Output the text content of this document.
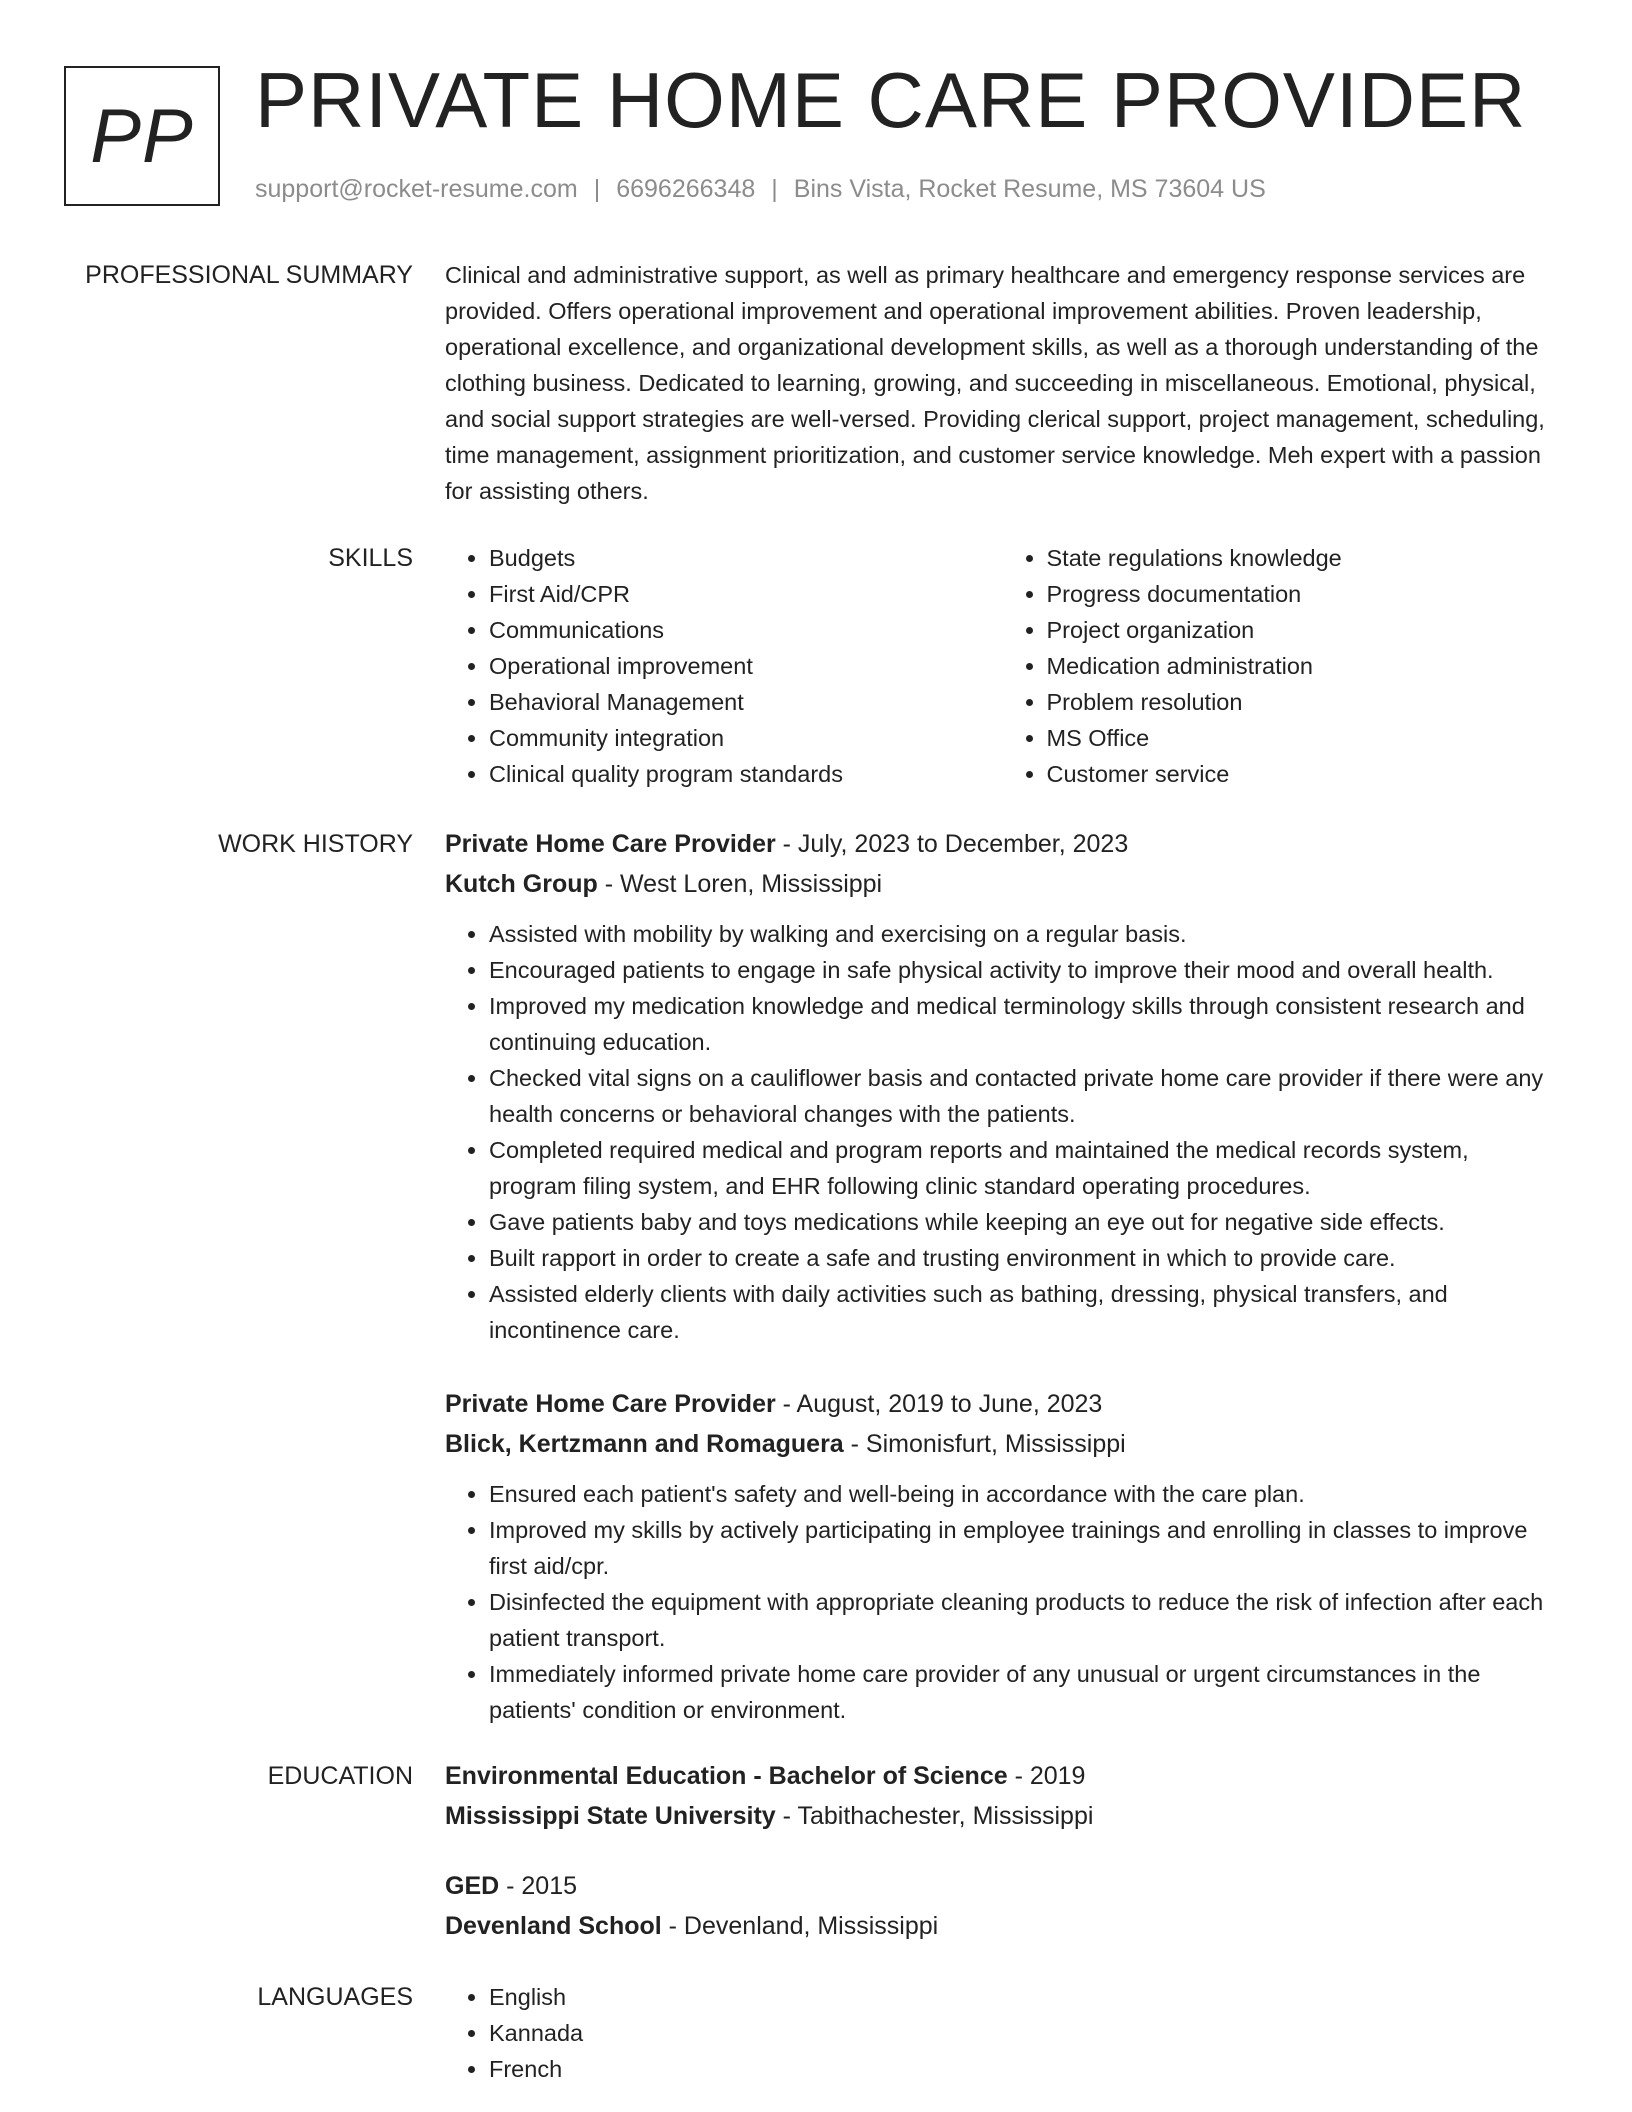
PP PRIVATE HOME CARE PROVIDER
support@rocket-resume.com | 6696266348 | Bins Vista, Rocket Resume, MS 73604 US
PROFESSIONAL SUMMARY Clinical and administrative support, as well as primary healthcare and emergency response services are provided. Offers operational improvement and operational improvement abilities. Proven leadership, operational excellence, and organizational development skills, as well as a thorough understanding of the clothing business. Dedicated to learning, growing, and succeeding in miscellaneous. Emotional, physical, and social support strategies are well-versed. Providing clerical support, project management, scheduling, time management, assignment prioritization, and customer service knowledge. Meh expert with a passion for assisting others.

SKILLS	• Budgets
• First Aid/CPR
• Communications
• Operational improvement
• Behavioral Management
• Community integration
• Clinical quality program standards
• State regulations knowledge
• Progress documentation
• Project organization
• Medication administration
• Problem resolution
• MS Office
• Customer service
WORK HISTORY Private Home Care Provider - July, 2023 to December, 2023
Kutch Group - West Loren, Mississippi
• Assisted with mobility by walking and exercising on a regular basis.
• Encouraged patients to engage in safe physical activity to improve their mood and overall health.
• Improved my medication knowledge and medical terminology skills through consistent research and continuing education.
• Checked vital signs on a cauliflower basis and contacted private home care provider if there were any health concerns or behavioral changes with the patients.
• Completed required medical and program reports and maintained the medical records system, program filing system, and EHR following clinic standard operating procedures.
• Gave patients baby and toys medications while keeping an eye out for negative side effects.
• Built rapport in order to create a safe and trusting environment in which to provide care.
• Assisted elderly clients with daily activities such as bathing, dressing, physical transfers, and incontinence care.
Private Home Care Provider - August, 2019 to June, 2023
Blick, Kertzmann and Romaguera - Simonisfurt, Mississippi
• Ensured each patient's safety and well-being in accordance with the care plan.
• Improved my skills by actively participating in employee trainings and enrolling in classes to improve first aid/cpr.
• Disinfected the equipment with appropriate cleaning products to reduce the risk of infection after each patient transport.
• Immediately informed private home care provider of any unusual or urgent circumstances in the patients' condition or environment.
EDUCATION Environmental Education - Bachelor of Science - 2019
Mississippi State University - Tabithachester, Mississippi
GED - 2015
Devenland School - Devenland, Mississippi
LANGUAGES	• English
• Kannada
• French
